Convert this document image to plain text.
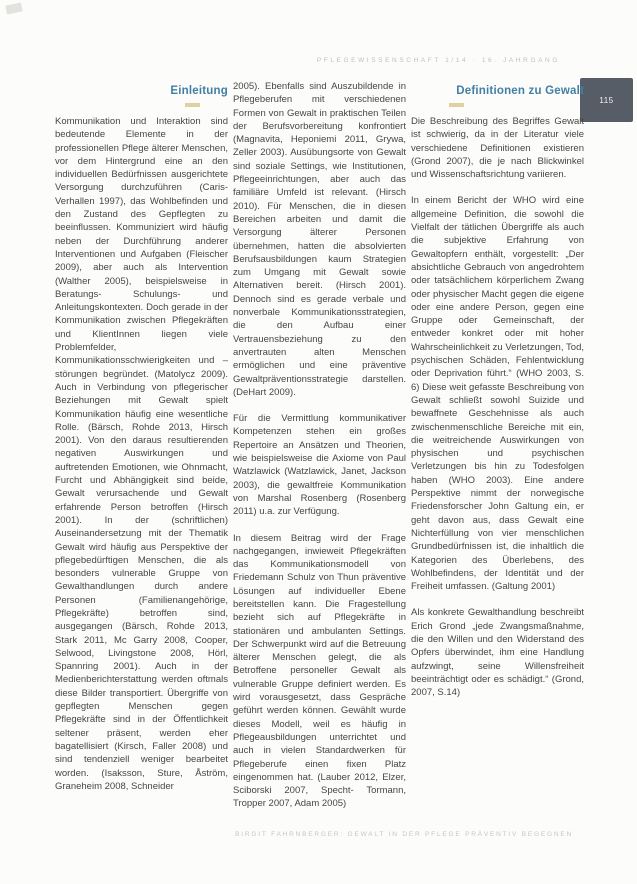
PFLEGEWISSENSCHAFT 1/14 · 16. JAHRGANG
115
Einleitung

Kommunikation und Interaktion sind bedeutende Elemente in der professionellen Pflege älterer Menschen, vor dem Hintergrund eine an den individuellen Bedürfnissen ausgerichtete Versorgung durchzuführen (Caris-Verhallen 1997), das Wohlbefinden und den Zustand des Gepflegten zu beeinflussen. Kommuniziert wird häufig neben der Durchführung anderer Interventionen und Aufgaben (Fleischer 2009), aber auch als Intervention (Walther 2005), beispielsweise in Beratungs- Schulungs- und Anleitungskontexten. Doch gerade in der Kommunikation zwischen Pflegekräften und KlientInnen liegen viele Problemfelder, Kommunikationsschwierigkeiten und –störungen begründet. (Matolycz 2009). Auch in Verbindung von pflegerischer Beziehungen mit Gewalt spielt Kommunikation häufig eine wesentliche Rolle. (Bärsch, Rohde 2013, Hirsch 2001). Von den daraus resultierenden negativen Auswirkungen und auftretenden Emotionen, wie Ohnmacht, Furcht und Abhängigkeit sind beide, Gewalt verursachende und Gewalt erfahrende Person betroffen (Hirsch 2001). In der (schriftlichen) Auseinandersetzung mit der Thematik Gewalt wird häufig aus Perspektive der pflegebedürftigen Menschen, die als besonders vulnerable Gruppe von Gewalthandlungen durch andere Personen (Familienangehörige, Pflegekräfte) betroffen sind, ausgegangen (Bärsch, Rohde 2013, Stark 2011, Mc Garry 2008, Cooper, Selwood, Livingstone 2008, Hörl, Spannring 2001). Auch in der Medienberichterstattung werden oftmals diese Bilder transportiert. Übergriffe von gepflegten Menschen gegen Pflegekräfte sind in der Öffentlichkeit seltener präsent, werden eher bagatellisiert (Kirsch, Faller 2008) und sind tendenziell weniger bearbeitet worden. (Isaksson, Sture, Åström, Graneheim 2008, Schneider

2005). Ebenfalls sind Auszubildende in Pflegeberufen mit verschiedenen Formen von Gewalt in praktischen Teilen der Berufsvorbereitung konfrontiert (Magnavita, Heponiemi 2011, Grywa, Zeller 2003). Ausübungsorte von Gewalt sind soziale Settings, wie Institutionen, Pflegeeinrichtungen, aber auch das familiäre Umfeld ist relevant. (Hirsch 2010). Für Menschen, die in diesen Bereichen arbeiten und damit die Versorgung älterer Personen übernehmen, hatten die absolvierten Berufsausbildungen kaum Strategien zum Umgang mit Gewalt sowie Alternativen bereit. (Hirsch 2001). Dennoch sind es gerade verbale und nonverbale Kommunikationsstrategien, die den Aufbau einer Vertrauensbeziehung zu den anvertrauten alten Menschen ermöglichen und eine präventive Gewaltpräventionsstrategie darstellen. (DeHart 2009).

Für die Vermittlung kommunikativer Kompetenzen stehen ein großes Repertoire an Ansätzen und Theorien, wie beispielsweise die Axiome von Paul Watzlawick (Watzlawick, Janet, Jackson 2003), die gewaltfreie Kommunikation von Marshal Rosenberg (Rosenberg 2011) u.a. zur Verfügung.

In diesem Beitrag wird der Frage nachgegangen, inwieweit Pflegekräften das Kommunikationsmodell von Friedemann Schulz von Thun präventive Lösungen auf individueller Ebene bereitstellen kann. Die Fragestellung bezieht sich auf Pflegekräfte in stationären und ambulanten Settings. Der Schwerpunkt wird auf die Betreuung älterer Menschen gelegt, die als Betroffene personeller Gewalt als vulnerable Gruppe definiert werden. Es wird vorausgesetzt, dass Gespräche geführt werden können. Gewählt wurde dieses Modell, weil es häufig in Pflegeausbildungen unterrichtet und auch in vielen Standardwerken für Pflegeberufe einen fixen Platz eingenommen hat. (Lauber 2012, Elzer, Sciborski 2007, Specht- Tormann, Tropper 2007, Adam 2005)

Definitionen zu Gewalt

Die Beschreibung des Begriffes Gewalt ist schwierig, da in der Literatur viele verschiedene Definitionen existieren (Grond 2007), die je nach Blickwinkel und Wissenschaftsrichtung variieren.

In einem Bericht der WHO wird eine allgemeine Definition, die sowohl die Vielfalt der tätlichen Übergriffe als auch die subjektive Erfahrung von Gewaltopfern enthält, vorgestellt: „Der absichtliche Gebrauch von angedrohtem oder tatsächlichem körperlichem Zwang oder physischer Macht gegen die eigene oder eine andere Person, gegen eine Gruppe oder Gemeinschaft, der entweder konkret oder mit hoher Wahrscheinlichkeit zu Verletzungen, Tod, psychischen Schäden, Fehlentwicklung oder Deprivation führt.“ (WHO 2003, S. 6) Diese weit gefasste Beschreibung von Gewalt schließt sowohl Suizide und bewaffnete Geschehnisse als auch zwischenmenschliche Bereiche mit ein, die weitreichende Auswirkungen von physischen und psychischen Verletzungen bis hin zu Todesfolgen haben (WHO 2003). Eine andere Perspektive nimmt der norwegische Friedensforscher John Galtung ein, er geht davon aus, dass Gewalt eine Nichterfüllung von vier menschlichen Grundbedürfnissen ist, die inhaltlich die Kategorien des Überlebens, des Wohlbefindens, der Identität und der Freiheit umfassen. (Galtung 2001)

Als konkrete Gewalthandlung beschreibt Erich Grond „jede Zwangsmaßnahme, die den Willen und den Widerstand des Opfers überwindet, ihm eine Handlung aufzwingt, seine Willensfreiheit beeinträchtigt oder es schädigt.“ (Grond, 2007, S.14)

BIRGIT FAHRNBERGER: GEWALT IN DER PFLEGE PRÄVENTIV BEGEGNEN
